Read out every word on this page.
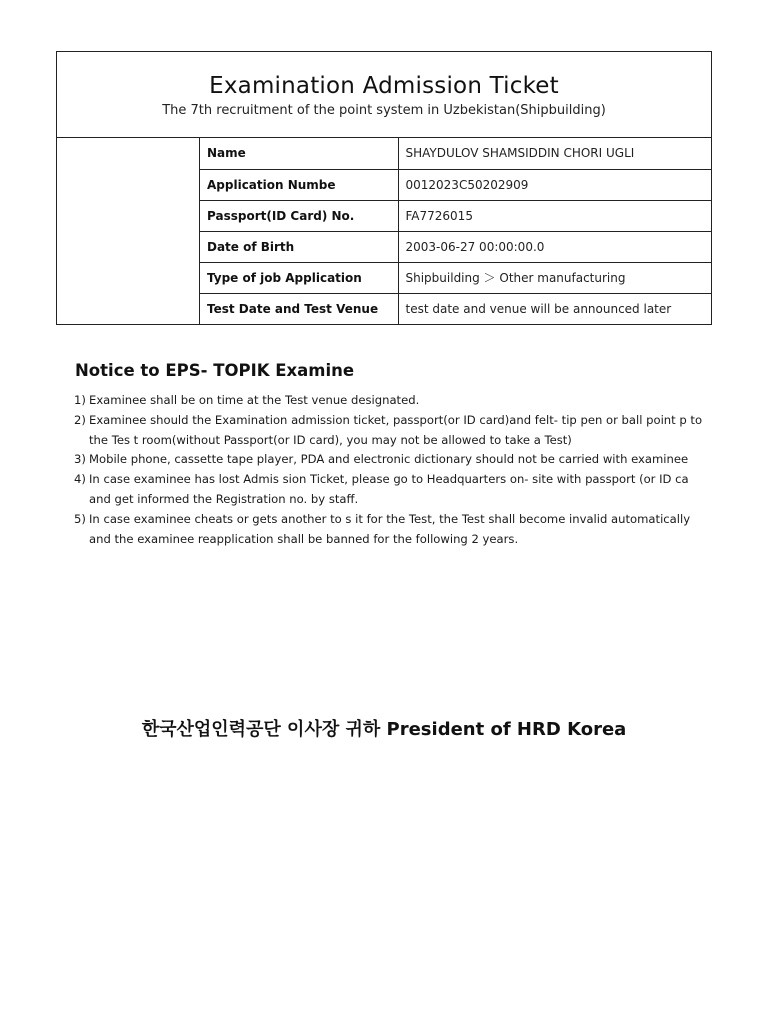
Examination Admission Ticket
The 7th recruitment of the point system in Uzbekistan(Shipbuilding)
Name	SHAYDULOV SHAMSIDDIN CHORI UGLI
Application Numbe	0012023C50202909
Passport(ID Card) No.	FA7726015
Date of Birth	2003-06-27 00:00:00.0
Type of job Application	Shipbuilding ＞ Other manufacturing
Test Date and Test Venue	test date and venue will be announced later
Notice to EPS- TOPIK Examine
1) Examinee shall be on time at the Test venue designated.
2) Examinee should the Examination admission ticket, passport(or ID card)and felt- tip pen or ball point p to
the Tes t room(without Passport(or ID card), you may not be allowed to take a Test)
3) Mobile phone, cassette tape player, PDA and electronic dictionary should not be carried with examinee
4) In case examinee has lost Admis sion Ticket, please go to Headquarters on- site with passport (or ID ca
and get informed the Registration no. by staff.
5) In case examinee cheats or gets another to s it for the Test, the Test shall become invalid automatically
and the examinee reapplication shall be banned for the following 2 years.
한국산업인력공단 이사장 귀하 President of HRD Korea
